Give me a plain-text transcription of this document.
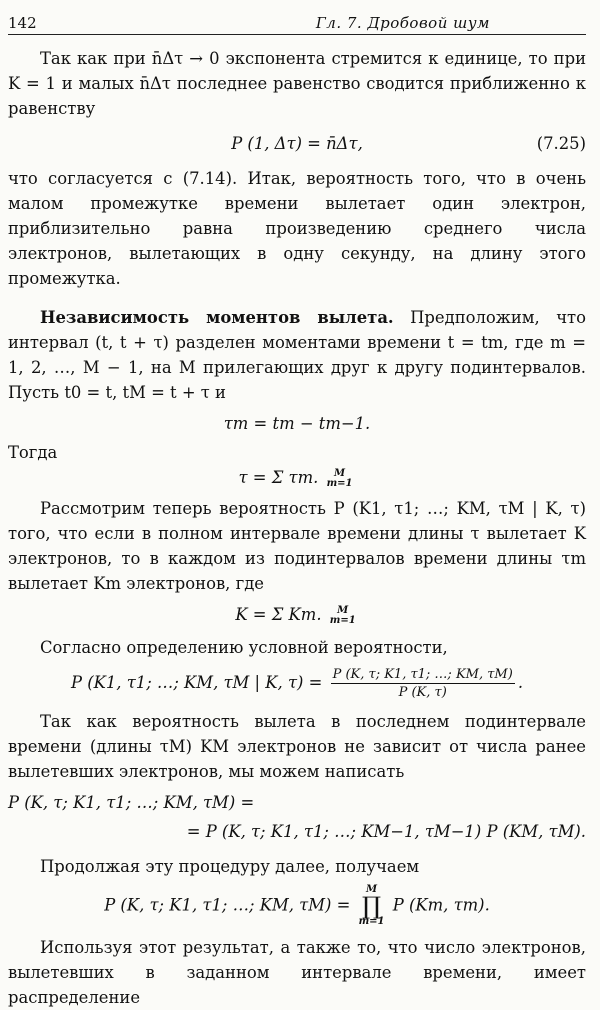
142	Гл. 7. Дробовой шум

Так как при n̄Δτ → 0 экспонента стремится к единице, то при K = 1 и малых n̄Δτ последнее равенство сводится приближенно к равенству

P (1, Δτ) = n̄Δτ,	(7.25)

что согласуется с (7.14). Итак, вероятность того, что в очень малом промежутке времени вылетает один электрон, приблизительно равна произведению среднего числа электронов, вылетающих в одну секунду, на длину этого промежутка.

Независимость моментов вылета. Предположим, что интервал (t, t + τ) разделен моментами времени t = tm, где m = 1, 2, …, M − 1, на M прилегающих друг к другу подинтервалов. Пусть t0 = t, tM = t + τ и

τm = tm − tm−1.

Тогда

τ = Σ τm. M
m=1

Рассмотрим теперь вероятность P (K1, τ1; …; KM, τM | K, τ) того, что если в полном интервале времени длины τ вылетает K электронов, то в каждом из подинтервалов времени длины τm вылетает Km электронов, где

K = Σ Km. M
m=1

Согласно определению условной вероятности,

P (K1, τ1; …; KM, τM | K, $\tau) = \frac{P (K, \tau; K1, \tau 1; \dots; KM, \tau M)}{P (K, \tau)}$ .

Так как вероятность вылета в последнем подинтервале времени (длины τM) KM электронов не зависит от числа ранее вылетевших электронов, мы можем написать

P (K, τ; K1, τ1; …; KM, τM) =
= P (K, τ; K1, τ1; …; KM−1, τM−1) P (KM, τM).

Продолжая эту процедуру далее, получаем

P (K, τ; K1, τ1; …; KM, τM) =
M
∏
m=1
P (Km, τm).

Используя этот результат, а также то, что число электронов, вылетевших в заданном интервале времени, имеет распределение
